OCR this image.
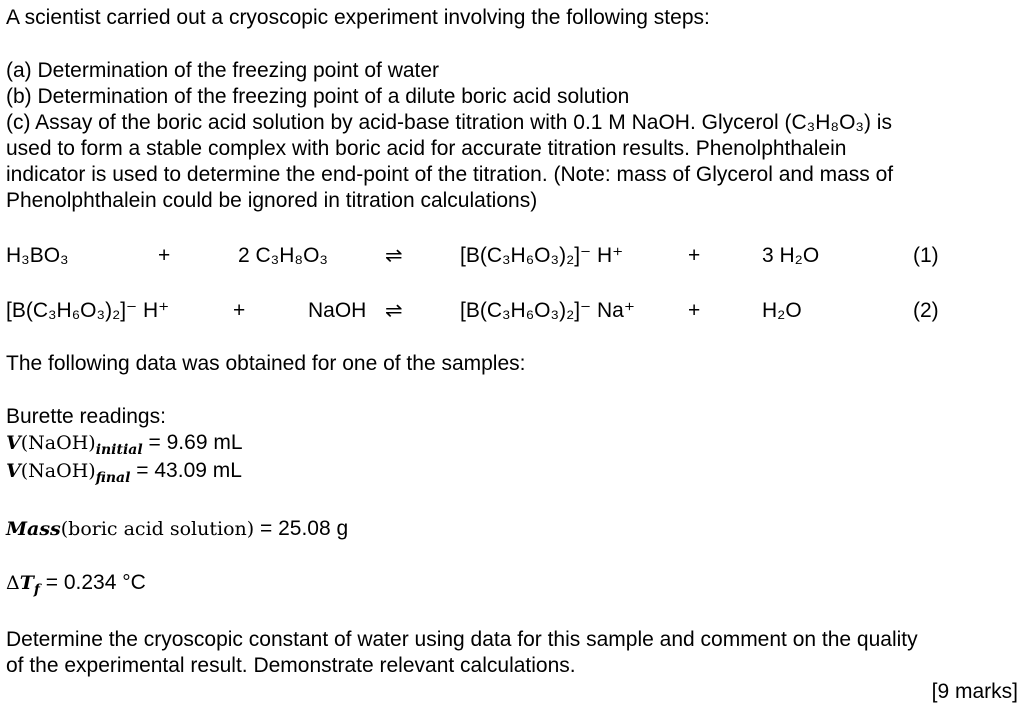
A scientist carried out a cryoscopic experiment involving the following steps:
(a) Determination of the freezing point of water
(b) Determination of the freezing point of a dilute boric acid solution
(c) Assay of the boric acid solution by acid-base titration with 0.1 M NaOH. Glycerol (C₃H₈O₃) is
used to form a stable complex with boric acid for accurate titration results. Phenolphthalein
indicator is used to determine the end-point of the titration. (Note: mass of Glycerol and mass of
Phenolphthalein could be ignored in titration calculations)
H₃BO₃	+	2 C₃H₈O₃	⇌	[B(C₃H₆O₃)₂]⁻ H⁺	+	3 H₂O	(1)
[B(C₃H₆O₃)₂]⁻ H⁺	+	NaOH ⇌	[B(C₃H₆O₃)₂]⁻ Na⁺	+	H₂O	(2)
The following data was obtained for one of the samples:
Burette readings:
$V(NaOH)_{initial} = 9.69$ mL
$V(NaOH)_{final} = 43.09$ mL
Mass(boric acid solution) = 25.08 g
$\Delta T_f = 0.234$ °C
Determine the cryoscopic constant of water using data for this sample and comment on the quality
of the experimental result. Demonstrate relevant calculations.
[9 marks]
